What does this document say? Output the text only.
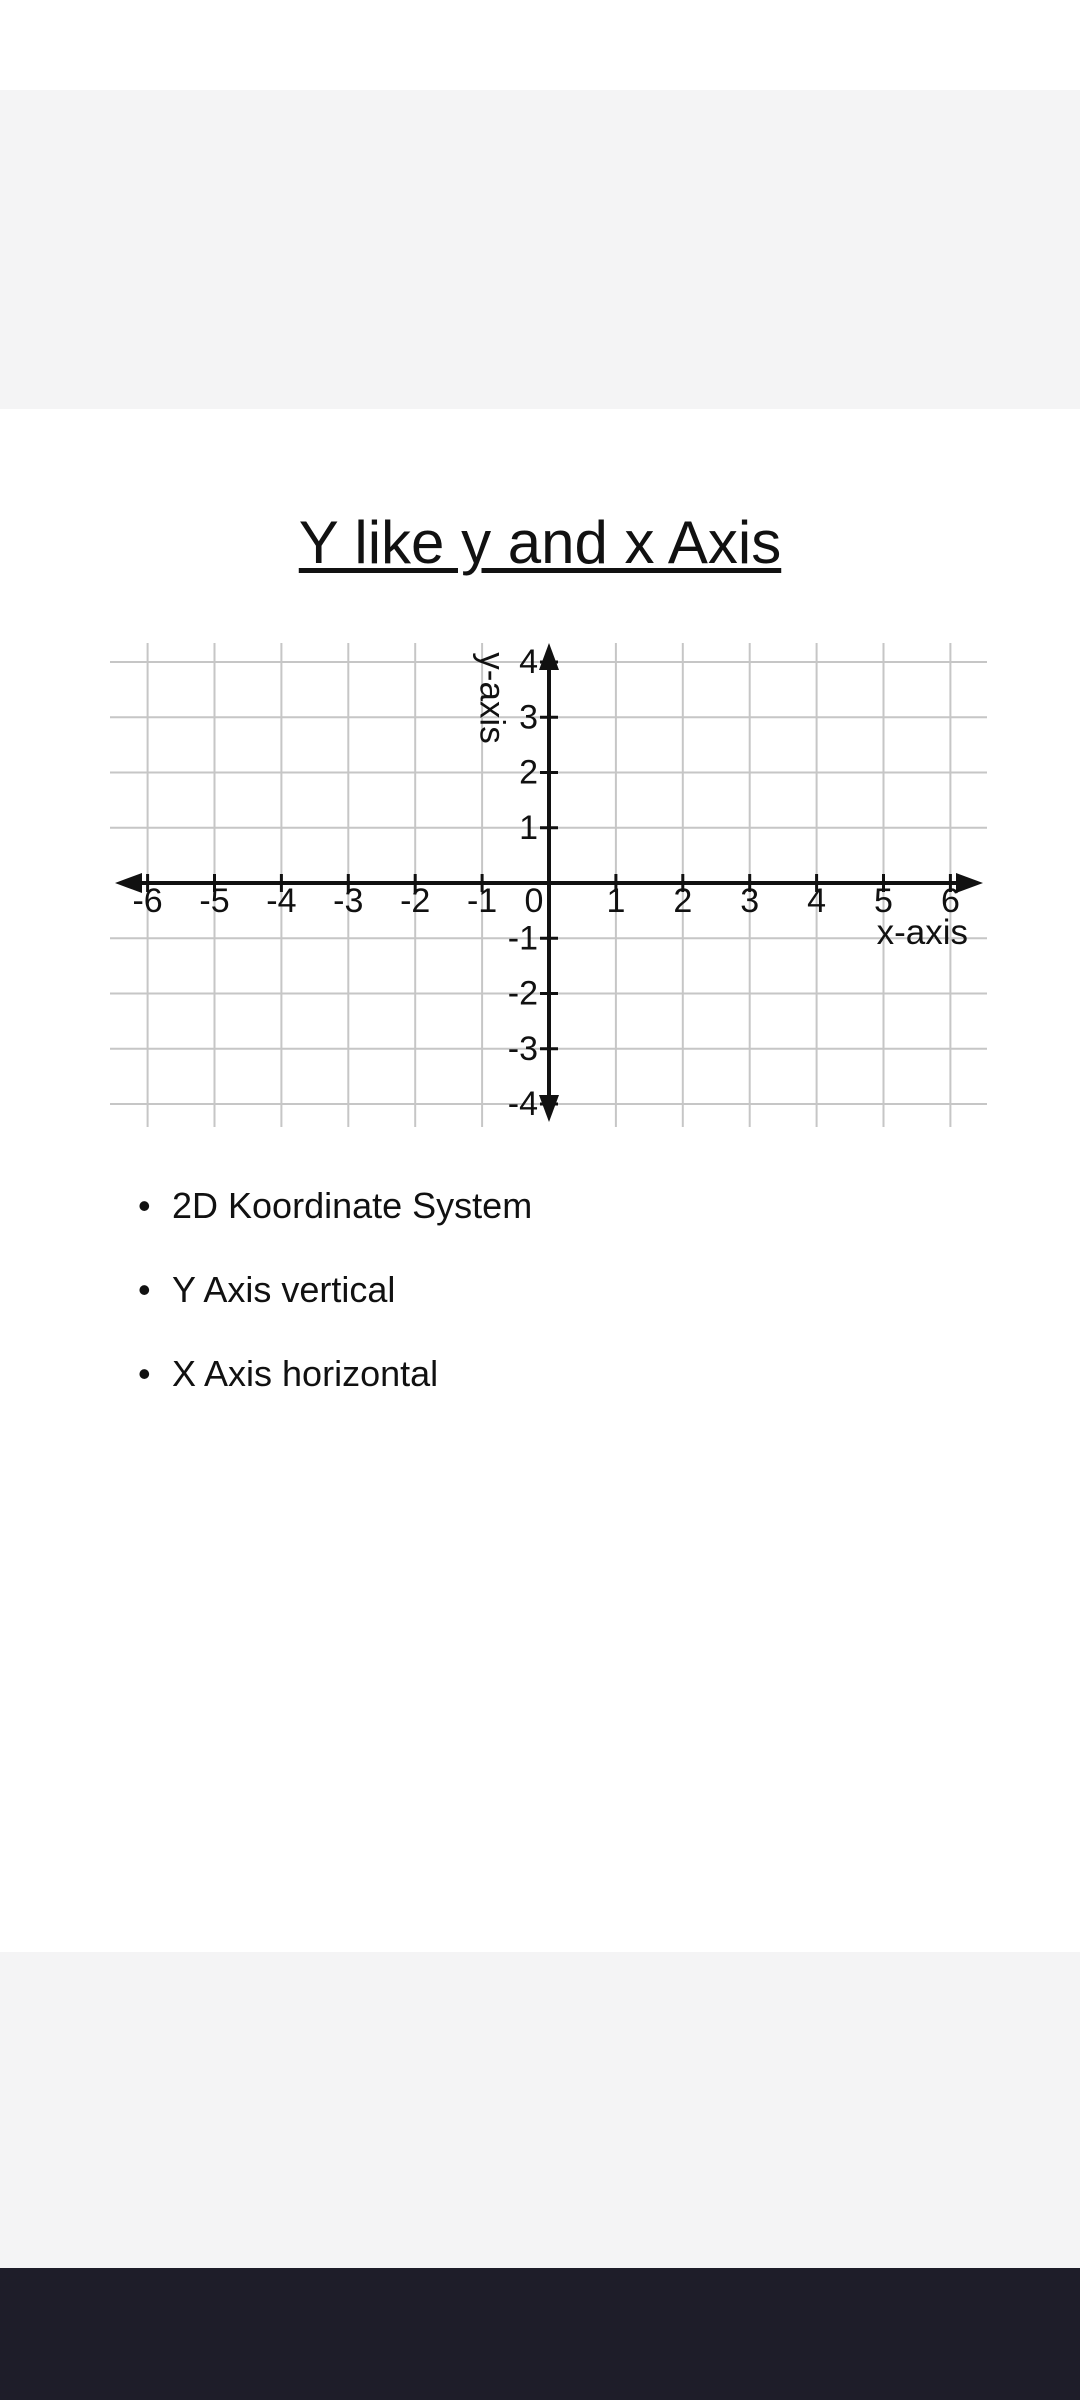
Y like y and x Axis
-6 -5 -4 -3 -2 -1 0 1 2 3 4 5 6
4
3
2
1
-1
-2
-3
-4
x-axis
y-axis
• 2D Koordinate System
• Y Axis vertical
• X Axis horizontal
